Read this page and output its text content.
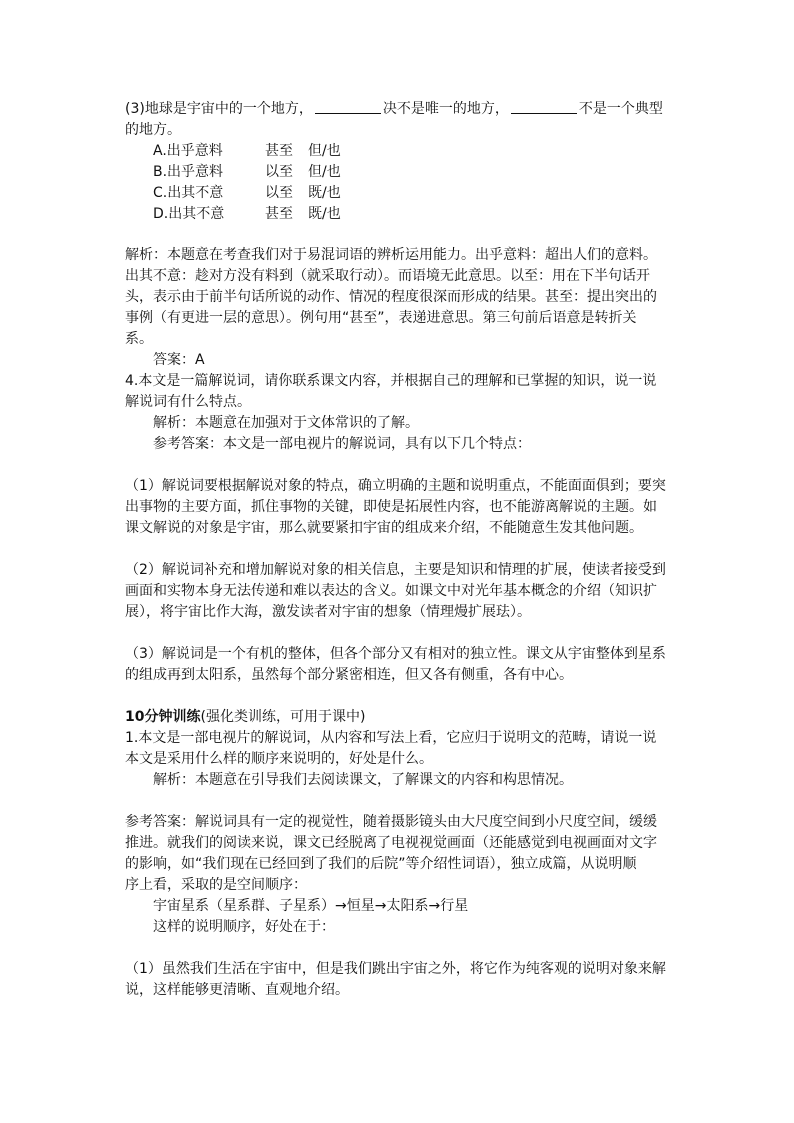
(3)地球是宇宙中的一个地方，	决不是唯一的地方，	不是一个典型
的地方。
A.出乎意料	甚至 但/也
B.出乎意料	以至 但/也
C.出其不意	以至 既/也
D.出其不意	甚至 既/也
解析：本题意在考查我们对于易混词语的辨析运用能力。出乎意料：超出人们的意料。
出其不意：趁对方没有料到（就采取行动）。而语境无此意思。以至：用在下半句话开
头，表示由于前半句话所说的动作、情况的程度很深而形成的结果。甚至：提出突出的
事例（有更进一层的意思）。例句用“甚至”，表递进意思。第三句前后语意是转折关
系。
答案：A
4.本文是一篇解说词，请你联系课文内容，并根据自己的理解和已掌握的知识，说一说
解说词有什么特点。
解析：本题意在加强对于文体常识的了解。
参考答案：本文是一部电视片的解说词，具有以下几个特点：
（1）解说词要根据解说对象的特点，确立明确的主题和说明重点，不能面面俱到；要突
出事物的主要方面，抓住事物的关键，即使是拓展性内容，也不能游离解说的主题。如
课文解说的对象是宇宙，那么就要紧扣宇宙的组成来介绍，不能随意生发其他问题。
（2）解说词补充和增加解说对象的相关信息，主要是知识和情理的扩展，使读者接受到
画面和实物本身无法传递和难以表达的含义。如课文中对光年基本概念的介绍（知识扩
展），将宇宙比作大海，激发读者对宇宙的想象（情理熳扩展珐）。
（3）解说词是一个有机的整体，但各个部分又有相对的独立性。课文从宇宙整体到星系
的组成再到太阳系，虽然每个部分紧密相连，但又各有侧重，各有中心。
10分钟训练(强化类训练，可用于课中)
1.本文是一部电视片的解说词，从内容和写法上看，它应归于说明文的范畴，请说一说
本文是采用什么样的顺序来说明的，好处是什么。
解析：本题意在引导我们去阅读课文，了解课文的内容和构思情况。
参考答案：解说词具有一定的视觉性，随着摄影镜头由大尺度空间到小尺度空间，缓缓
推进。就我们的阅读来说，课文已经脱离了电视视觉画面（还能感觉到电视画面对文字
的影响，如“我们现在已经回到了我们的后院”等介绍性词语），独立成篇，从说明顺
序上看，采取的是空间顺序：
宇宙星系（星系群、子星系）→恒星→太阳系→行星
这样的说明顺序，好处在于：
（1）虽然我们生活在宇宙中，但是我们跳出宇宙之外，将它作为纯客观的说明对象来解
说，这样能够更清晰、直观地介绍。
